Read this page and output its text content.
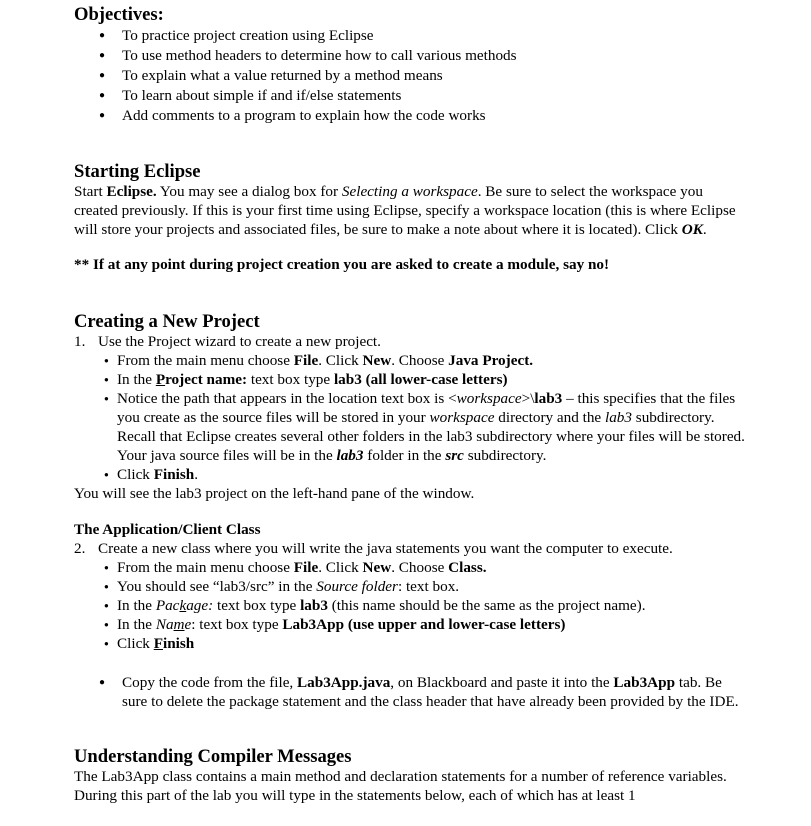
Objectives:
● To practice project creation using Eclipse
● To use method headers to determine how to call various methods
● To explain what a value returned by a method means
● To learn about simple if and if/else statements
● Add comments to a program to explain how the code works
Starting Eclipse

Start Eclipse. You may see a dialog box for Selecting a workspace. Be sure to select the workspace you created previously. If this is your first time using Eclipse, specify a workspace location (this is where Eclipse will store your projects and associated files, be sure to make a note about where it is located). Click OK.

** If at any point during project creation you are asked to create a module, say no!

Creating a New Project
1. Use the Project wizard to create a new project.
● From the main menu choose File. Click New. Choose Java Project.
● In the Project name: text box type lab3 (all lower-case letters)
● Notice the path that appears in the location text box is <workspace>\lab3 – this specifies that the files you create as the source files will be stored in your workspace directory and the lab3 subdirectory. Recall that Eclipse creates several other folders in the lab3 subdirectory where your files will be stored. Your java source files will be in the lab3 folder in the src subdirectory.
● Click Finish.

You will see the lab3 project on the left-hand pane of the window.

The Application/Client Class
2. Create a new class where you will write the java statements you want the computer to execute.
● From the main menu choose File. Click New. Choose Class.
● You should see “lab3/src” in the Source folder: text box.
● In the Package: text box type lab3 (this name should be the same as the project name).
● In the Name: text box type Lab3App (use upper and lower-case letters)
● Click Finish
● Copy the code from the file, Lab3App.java, on Blackboard and paste it into the Lab3App tab. Be sure to delete the package statement and the class header that have already been provided by the IDE.
Understanding Compiler Messages

The Lab3App class contains a main method and declaration statements for a number of reference variables. During this part of the lab you will type in the statements below, each of which has at least 1
